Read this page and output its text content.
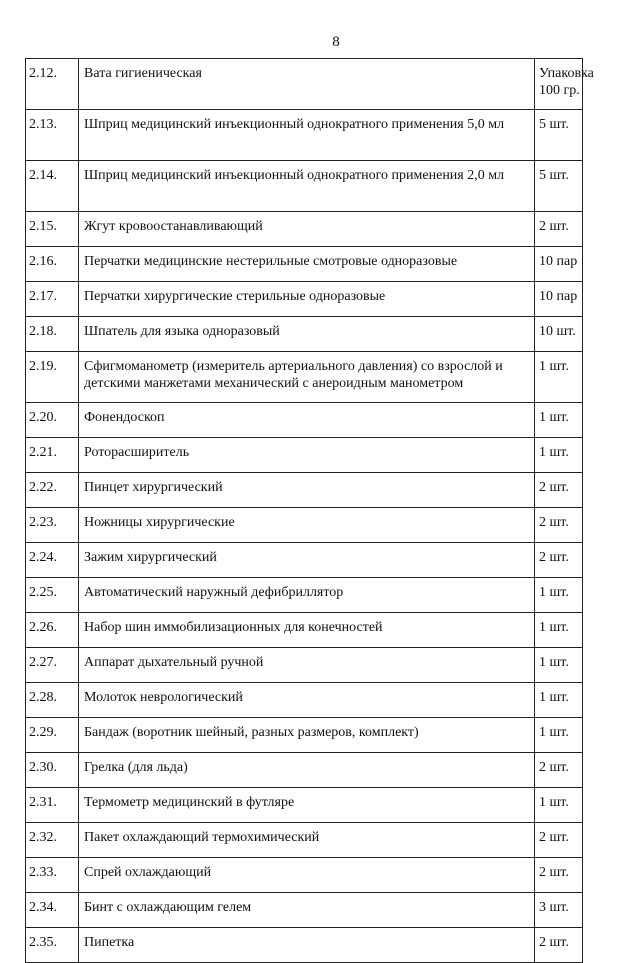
8
2.12.	Вата гигиеническая	Упаковка 100 гр.
2.13.	Шприц медицинский инъекционный однократного применения 5,0 мл	5 шт.
2.14.	Шприц медицинский инъекционный однократного применения 2,0 мл	5 шт.
2.15.	Жгут кровоостанавливающий	2 шт.
2.16.	Перчатки медицинские нестерильные смотровые одноразовые	10 пар
2.17.	Перчатки хирургические стерильные одноразовые	10 пар
2.18.	Шпатель для языка одноразовый	10 шт.
2.19.	Сфигмоманометр (измеритель артериального давления) со взрослой и детскими манжетами механический с анероидным манометром	1 шт.
2.20.	Фонендоскоп	1 шт.
2.21.	Роторасширитель	1 шт.
2.22.	Пинцет хирургический	2 шт.
2.23.	Ножницы хирургические	2 шт.
2.24.	Зажим хирургический	2 шт.
2.25.	Автоматический наружный дефибриллятор	1 шт.
2.26.	Набор шин иммобилизационных для конечностей	1 шт.
2.27.	Аппарат дыхательный ручной	1 шт.
2.28.	Молоток неврологический	1 шт.
2.29.	Бандаж (воротник шейный, разных размеров, комплект)	1 шт.
2.30.	Грелка (для льда)	2 шт.
2.31.	Термометр медицинский в футляре	1 шт.
2.32.	Пакет охлаждающий термохимический	2 шт.
2.33.	Спрей охлаждающий	2 шт.
2.34.	Бинт с охлаждающим гелем	3 шт.
2.35.	Пипетка	2 шт.
